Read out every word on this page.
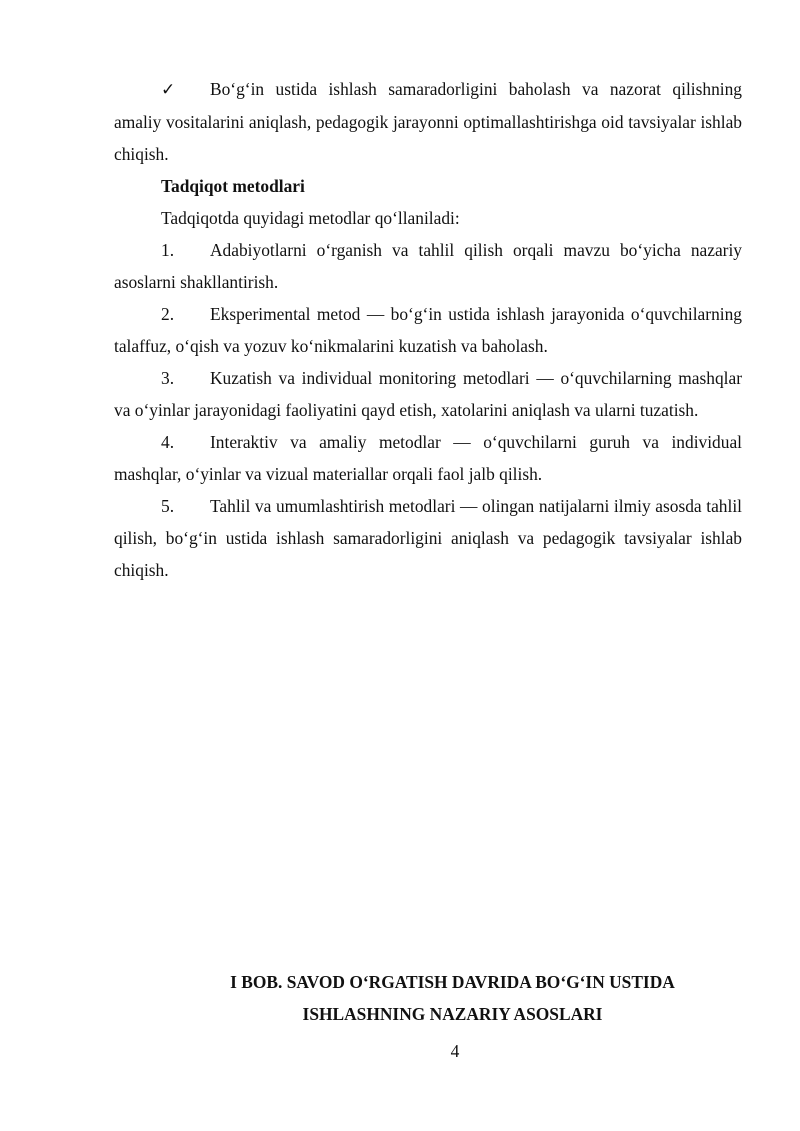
✓ Bo‘g‘in ustida ishlash samaradorligini baholash va nazorat qilishning amaliy vositalarini aniqlash, pedagogik jarayonni optimallashtirishga oid tavsiyalar ishlab chiqish.

Tadqiqot metodlari

Tadqiqotda quyidagi metodlar qo‘llaniladi:

1. Adabiyotlarni o‘rganish va tahlil qilish orqali mavzu bo‘yicha nazariy asoslarni shakllantirish.

2. Eksperimental metod — bo‘g‘in ustida ishlash jarayonida o‘quvchilarning talaffuz, o‘qish va yozuv ko‘nikmalarini kuzatish va baholash.

3. Kuzatish va individual monitoring metodlari — o‘quvchilarning mashqlar va o‘yinlar jarayonidagi faoliyatini qayd etish, xatolarini aniqlash va ularni tuzatish.

4. Interaktiv va amaliy metodlar — o‘quvchilarni guruh va individual mashqlar, o‘yinlar va vizual materiallar orqali faol jalb qilish.

5. Tahlil va umumlashtirish metodlari — olingan natijalarni ilmiy asosda tahlil qilish, bo‘g‘in ustida ishlash samaradorligini aniqlash va pedagogik tavsiyalar ishlab chiqish.

I BOB. SAVOD O‘RGATISH DAVRIDA BO‘G‘IN USTIDA
ISHLASHNING NAZARIY ASOSLARI
4
